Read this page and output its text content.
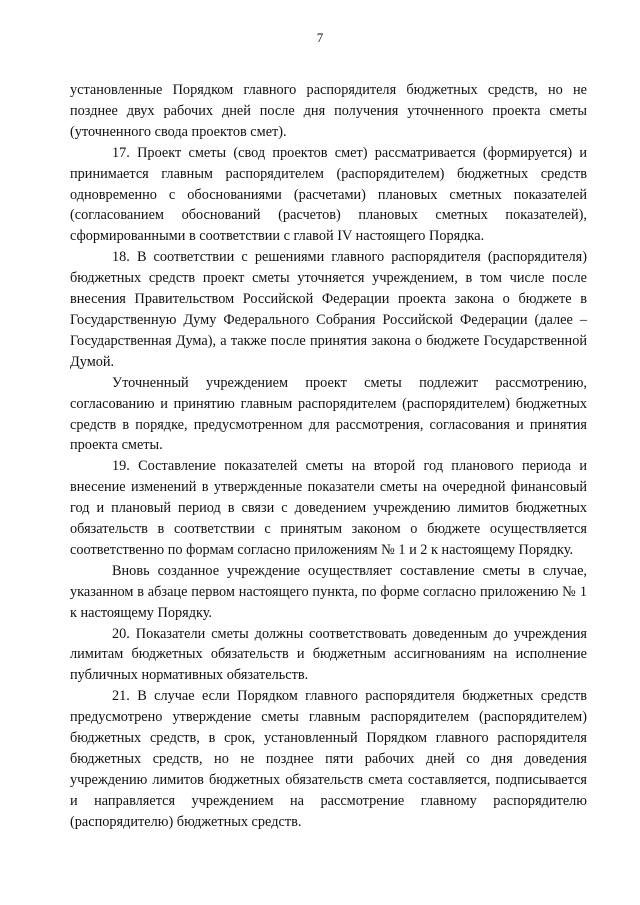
7

установленные Порядком главного распорядителя бюджетных средств, но не позднее двух рабочих дней после дня получения уточненного проекта сметы (уточненного свода проектов смет).

17. Проект сметы (свод проектов смет) рассматривается (формируется) и принимается главным распорядителем (распорядителем) бюджетных средств одновременно с обоснованиями (расчетами) плановых сметных показателей (согласованием обоснований (расчетов) плановых сметных показателей), сформированными в соответствии с главой IV настоящего Порядка.

18. В соответствии с решениями главного распорядителя (распорядителя) бюджетных средств проект сметы уточняется учреждением, в том числе после внесения Правительством Российской Федерации проекта закона о бюджете в Государственную Думу Федерального Собрания Российской Федерации (далее – Государственная Дума), а также после принятия закона о бюджете Государственной Думой.

Уточненный учреждением проект сметы подлежит рассмотрению, согласованию и принятию главным распорядителем (распорядителем) бюджетных средств в порядке, предусмотренном для рассмотрения, согласования и принятия проекта сметы.

19. Составление показателей сметы на второй год планового периода и внесение изменений в утвержденные показатели сметы на очередной финансовый год и плановый период в связи с доведением учреждению лимитов бюджетных обязательств в соответствии с принятым законом о бюджете осуществляется соответственно по формам согласно приложениям № 1 и 2 к настоящему Порядку.

Вновь созданное учреждение осуществляет составление сметы в случае, указанном в абзаце первом настоящего пункта, по форме согласно приложению № 1 к настоящему Порядку.

20. Показатели сметы должны соответствовать доведенным до учреждения лимитам бюджетных обязательств и бюджетным ассигнованиям на исполнение публичных нормативных обязательств.

21. В случае если Порядком главного распорядителя бюджетных средств предусмотрено утверждение сметы главным распорядителем (распорядителем) бюджетных средств, в срок, установленный Порядком главного распорядителя бюджетных средств, но не позднее пяти рабочих дней со дня доведения учреждению лимитов бюджетных обязательств смета составляется, подписывается и направляется учреждением на рассмотрение главному распорядителю (распорядителю) бюджетных средств.
